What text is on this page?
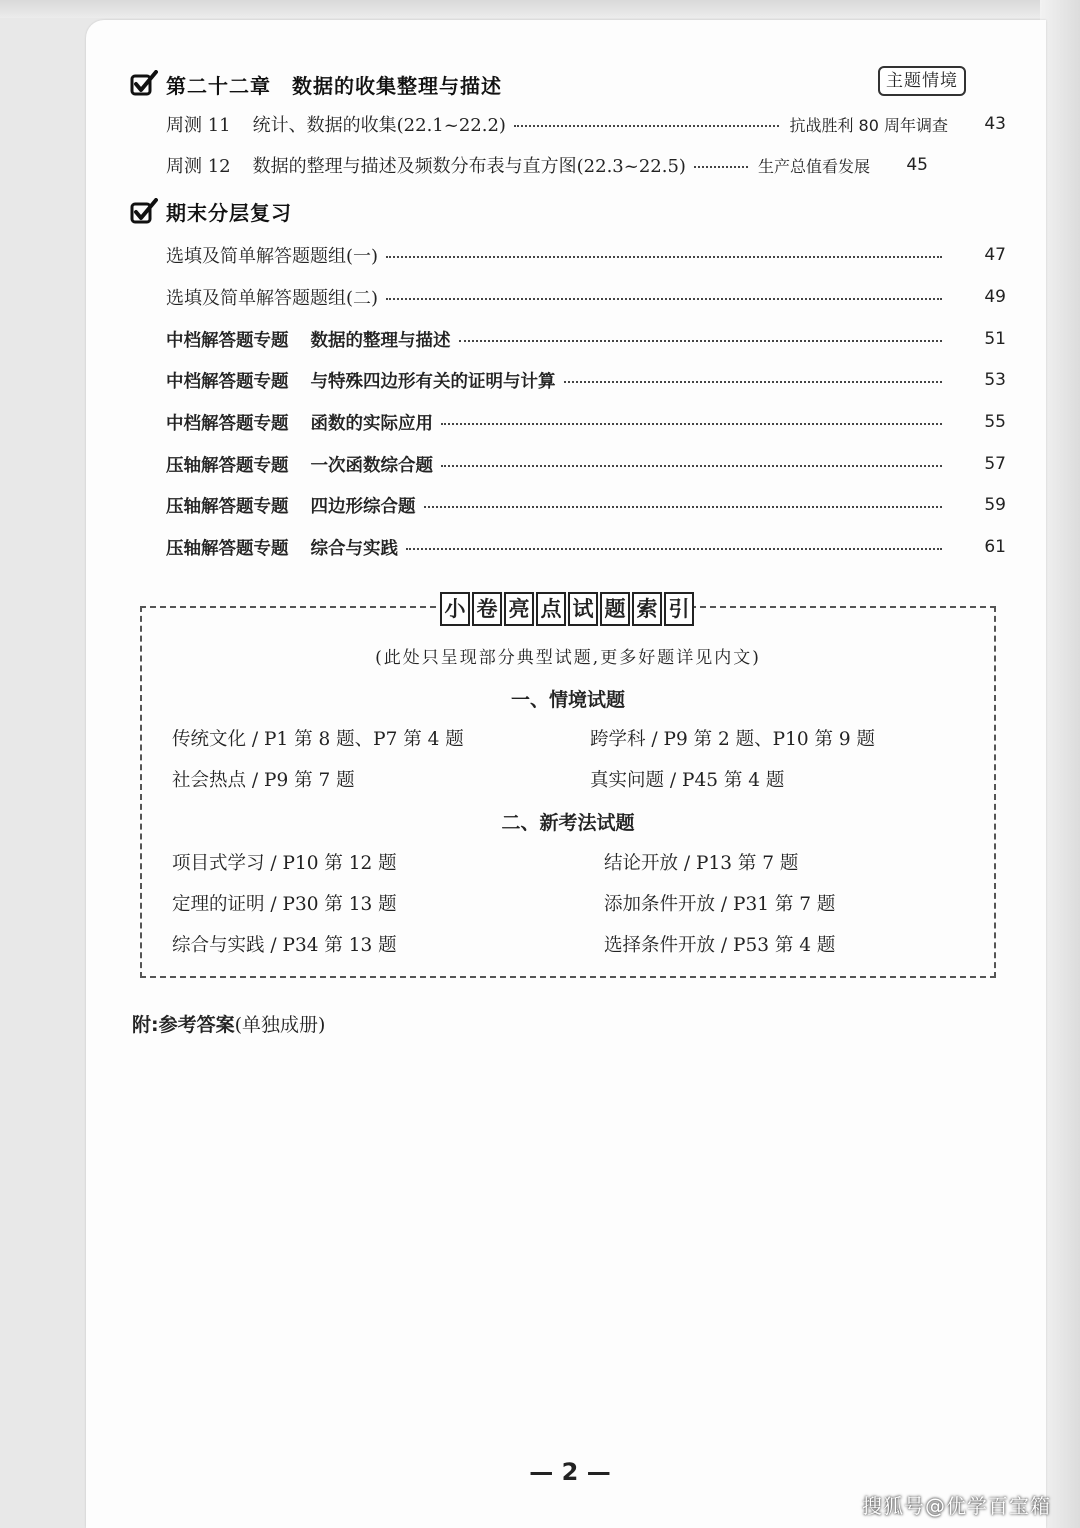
第二十二章　数据的收集整理与描述	主题情境
周测 11 统计、数据的收集(22.1~22.2)	抗战胜利 80 周年调查	43
周测 12 数据的整理与描述及频数分布表与直方图(22.3~22.5)	生产总值看发展	45
期末分层复习
选填及简单解答题题组(一)	47
选填及简单解答题题组(二)	49
中档解答题专题 数据的整理与描述	51
中档解答题专题 与特殊四边形有关的证明与计算	53
中档解答题专题 函数的实际应用	55
压轴解答题专题 一次函数综合题	57
压轴解答题专题 四边形综合题	59
压轴解答题专题 综合与实践	61
小 卷 亮 点 试 题 索 引
(此处只呈现部分典型试题,更多好题详见内文)
一、情境试题
传统文化 / P1 第 8 题、P7 第 4 题	跨学科 / P9 第 2 题、P10 第 9 题
社会热点 / P9 第 7 题	真实问题 / P45 第 4 题
二、新考法试题
项目式学习 / P10 第 12 题	结论开放 / P13 第 7 题
定理的证明 / P30 第 13 题	添加条件开放 / P31 第 7 题
综合与实践 / P34 第 13 题	选择条件开放 / P53 第 4 题
附:参考答案(单独成册)
— 2 —
搜狐号@优学百宝箱
